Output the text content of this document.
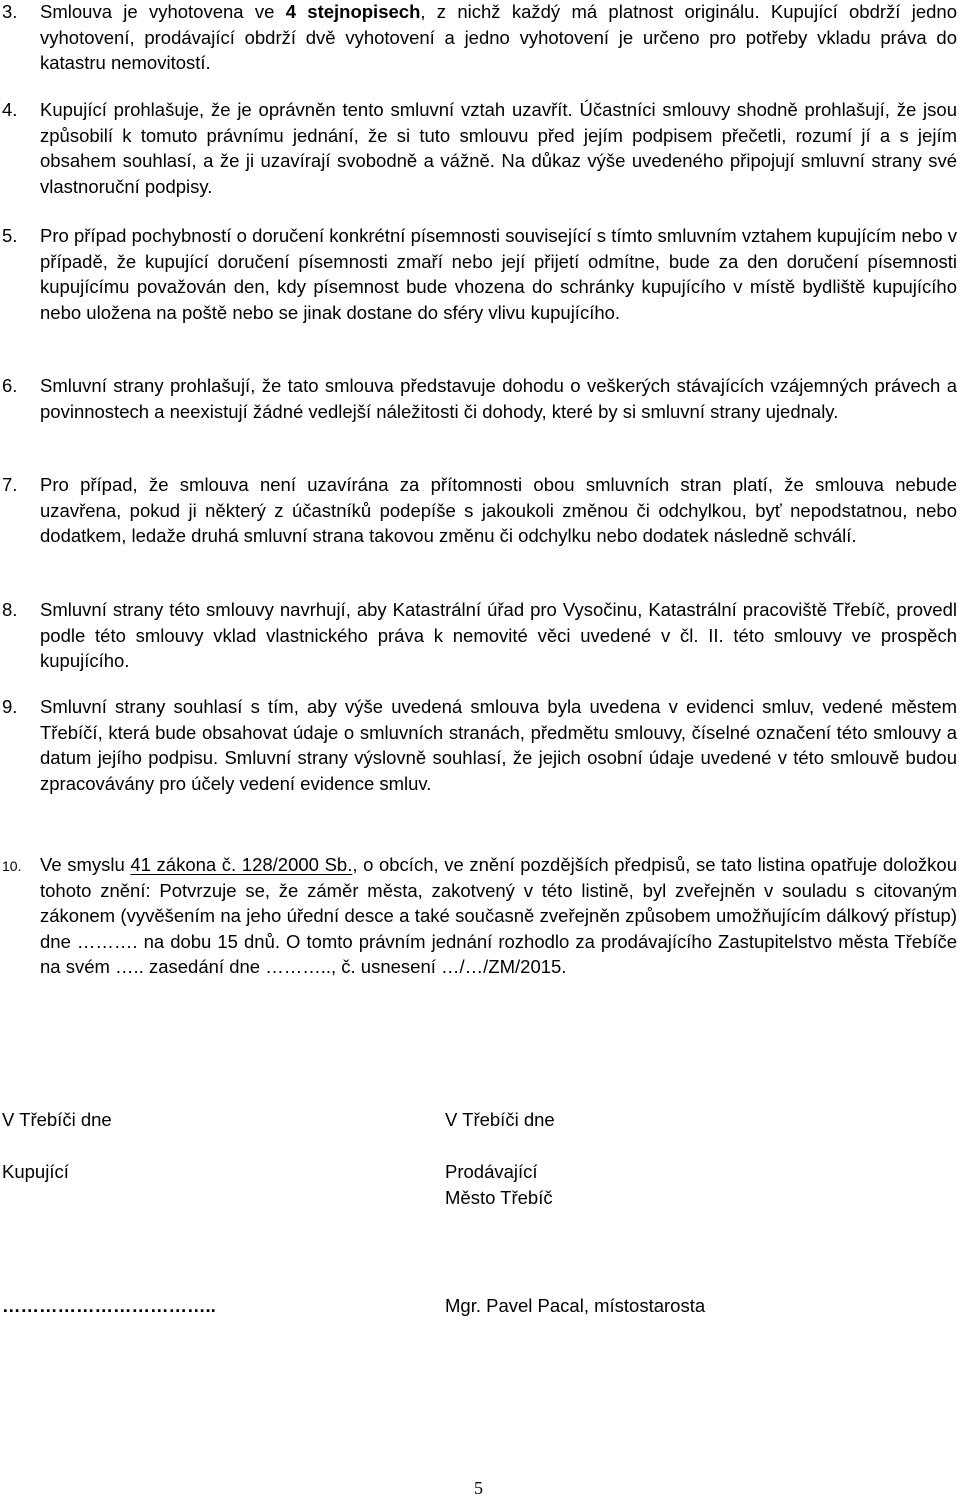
3. Smlouva je vyhotovena ve 4 stejnopisech, z nichž každý má platnost originálu. Kupující obdrží jedno vyhotovení, prodávající obdrží dvě vyhotovení a jedno vyhotovení je určeno pro potřeby vkladu práva do katastru nemovitostí.
4. Kupující prohlašuje, že je oprávněn tento smluvní vztah uzavřít. Účastníci smlouvy shodně prohlašují, že jsou způsobilí k tomuto právnímu jednání, že si tuto smlouvu před jejím podpisem přečetli, rozumí jí a s jejím obsahem souhlasí, a že ji uzavírají svobodně a vážně. Na důkaz výše uvedeného připojují smluvní strany své vlastnoruční podpisy.
5. Pro případ pochybností o doručení konkrétní písemnosti související s tímto smluvním vztahem kupujícím nebo v případě, že kupující doručení písemnosti zmaří nebo její přijetí odmítne, bude za den doručení písemnosti kupujícímu považován den, kdy písemnost bude vhozena do schránky kupujícího v místě bydliště kupujícího nebo uložena na poště nebo se jinak dostane do sféry vlivu kupujícího.
6. Smluvní strany prohlašují, že tato smlouva představuje dohodu o veškerých stávajících vzájemných právech a povinnostech a neexistují žádné vedlejší náležitosti či dohody, které by si smluvní strany ujednaly.
7. Pro případ, že smlouva není uzavírána za přítomnosti obou smluvních stran platí, že smlouva nebude uzavřena, pokud ji některý z účastníků podepíše s jakoukoli změnou či odchylkou, byť nepodstatnou, nebo dodatkem, ledaže druhá smluvní strana takovou změnu či odchylku nebo dodatek následně schválí.
8. Smluvní strany této smlouvy navrhují, aby Katastrální úřad pro Vysočinu, Katastrální pracoviště Třebíč, provedl podle této smlouvy vklad vlastnického práva k nemovité věci uvedené v čl. II. této smlouvy ve prospěch kupujícího.
9. Smluvní strany souhlasí s tím, aby výše uvedená smlouva byla uvedena v evidenci smluv, vedené městem Třebíčí, která bude obsahovat údaje o smluvních stranách, předmětu smlouvy, číselné označení této smlouvy a datum jejího podpisu. Smluvní strany výslovně souhlasí, že jejich osobní údaje uvedené v této smlouvě budou zpracovávány pro účely vedení evidence smluv.
10. Ve smyslu 41 zákona č. 128/2000 Sb., o obcích, ve znění pozdějších předpisů, se tato listina opatřuje doložkou tohoto znění: Potvrzuje se, že záměr města, zakotvený v této listině, byl zveřejněn v souladu s citovaným zákonem (vyvěšením na jeho úřední desce a také současně zveřejněn způsobem umožňujícím dálkový přístup) dne ………. na dobu 15 dnů. O tomto právním jednání rozhodlo za prodávajícího Zastupitelstvo města Třebíče na svém ….. zasedání dne ……….., č. usnesení …/…/ZM/2015.

V Třebíči dne	V Třebíči dne

Kupující	Prodávající

Město Třebíč

……………………………..	Mgr. Pavel Pacal, místostarosta

5
